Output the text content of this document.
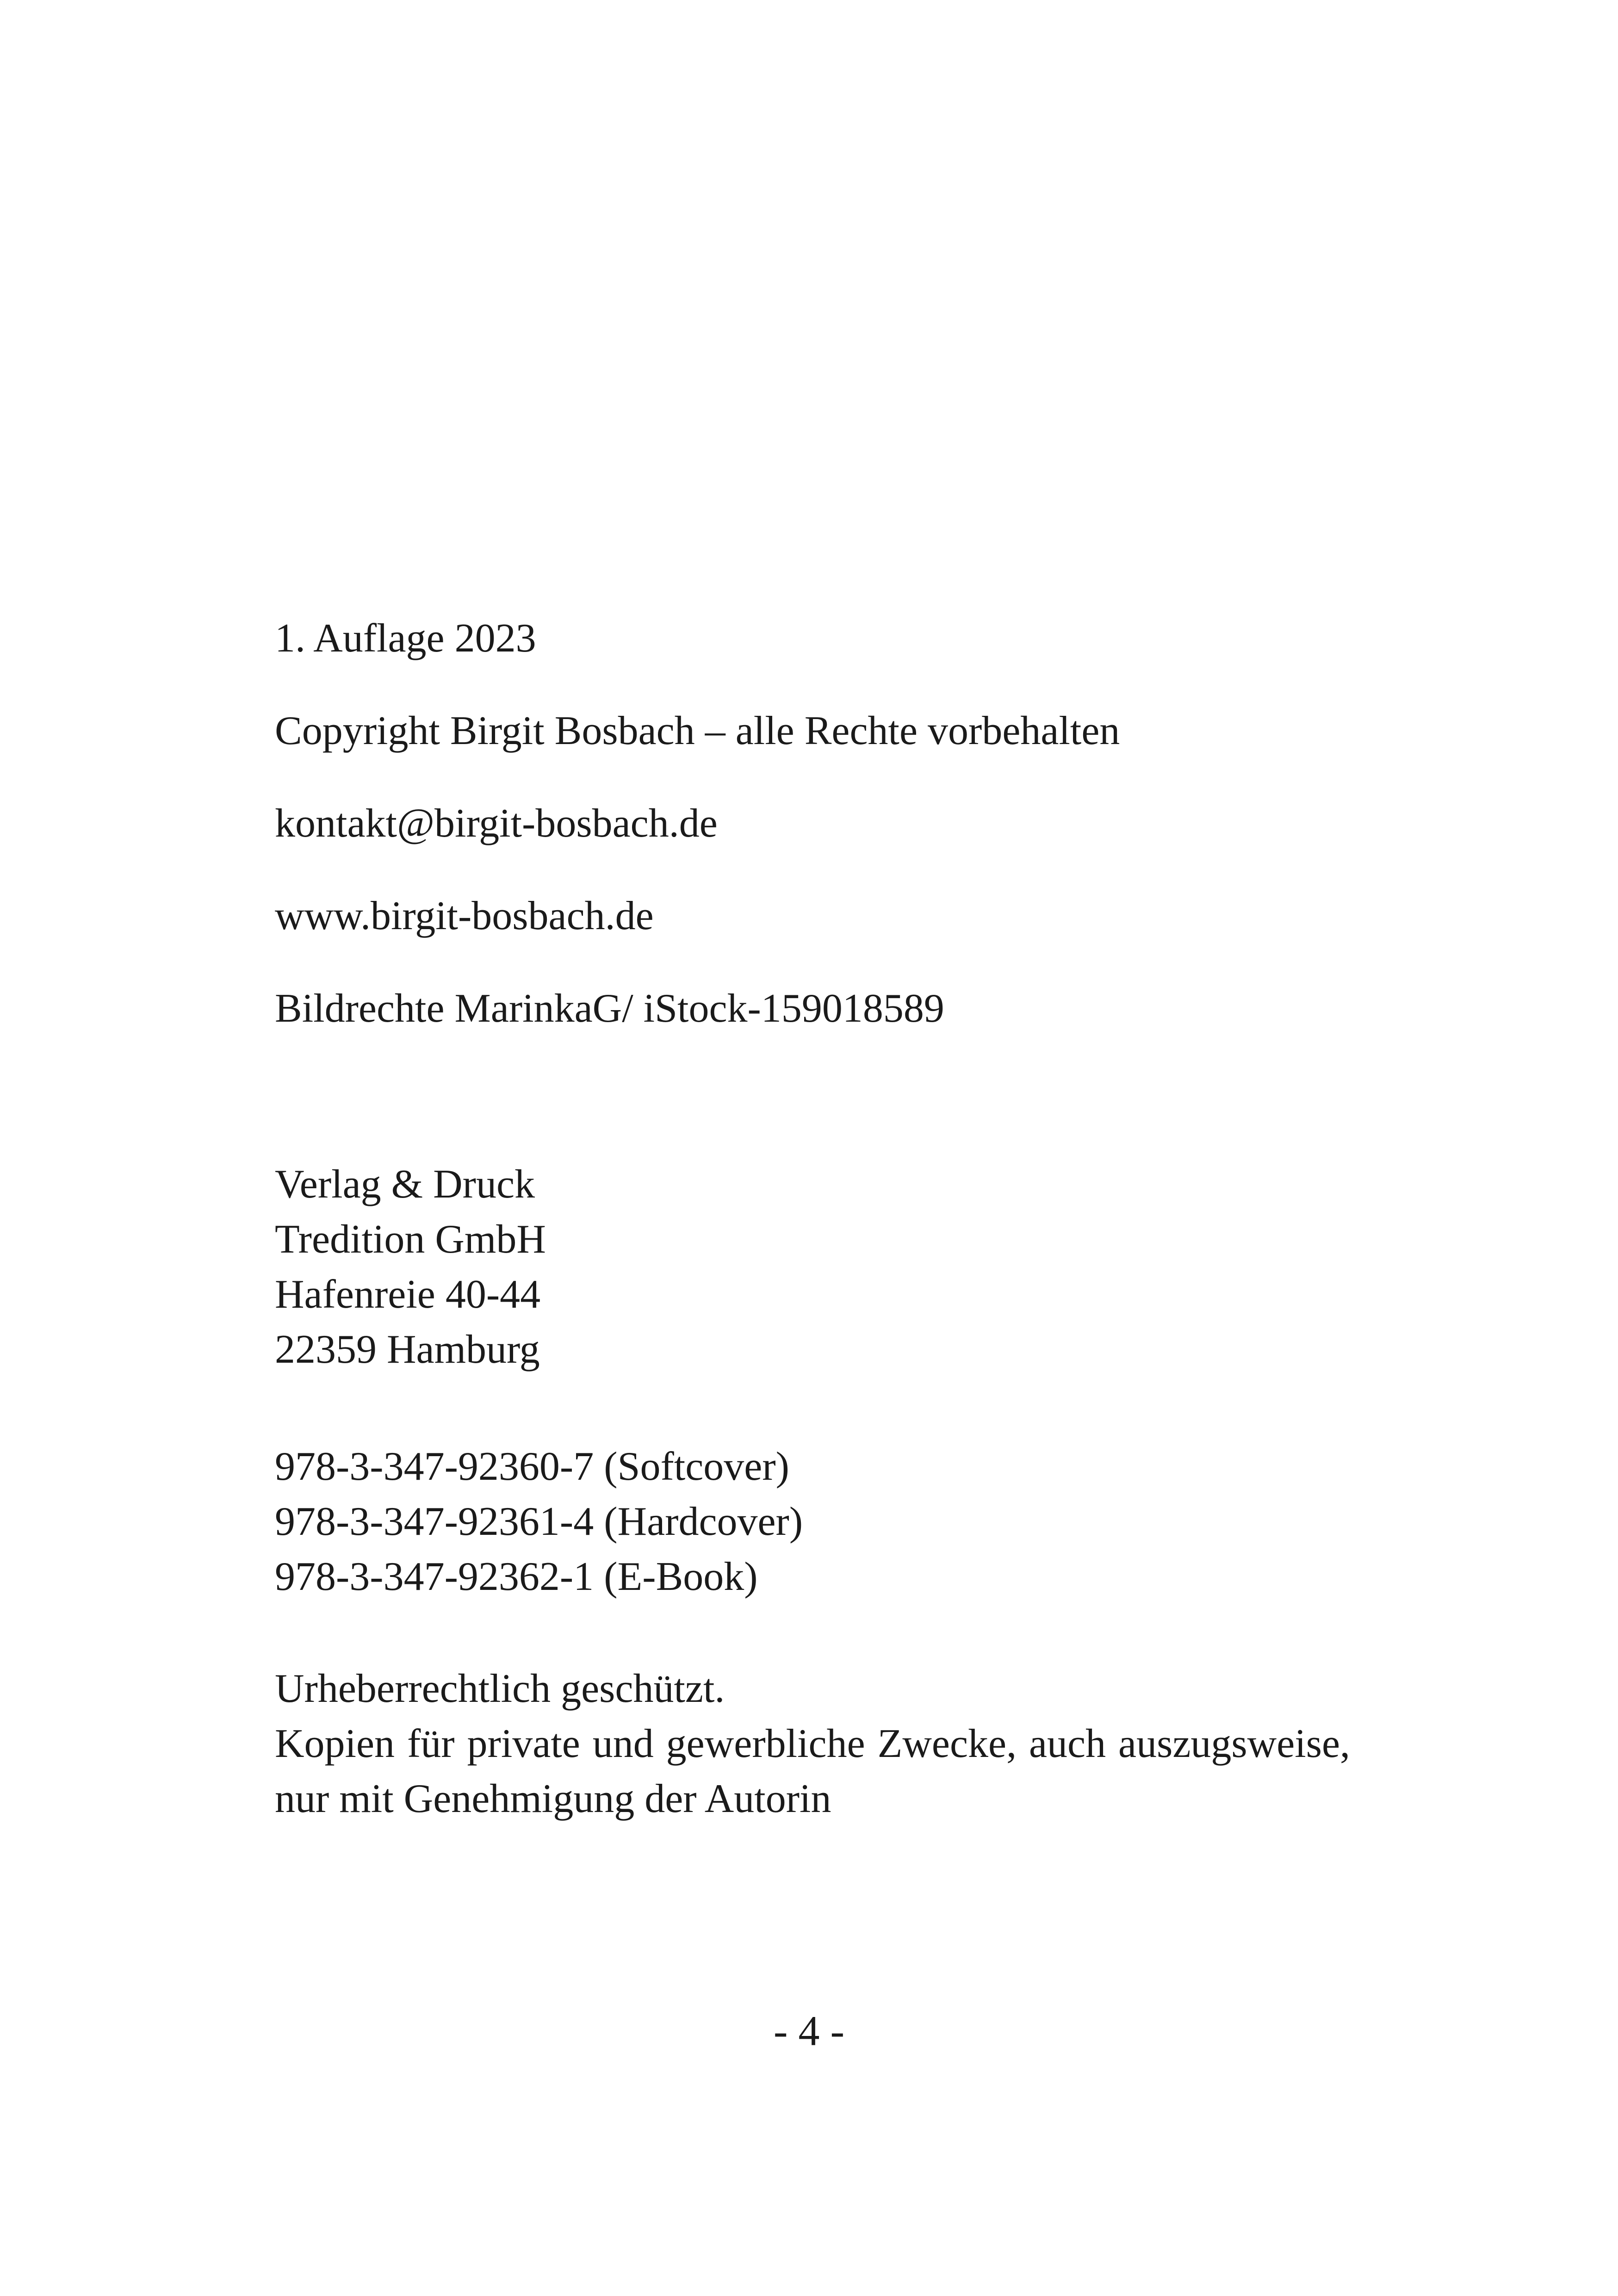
1. Auflage 2023
Copyright Birgit Bosbach – alle Rechte vorbehalten
kontakt@birgit-bosbach.de
www.birgit-bosbach.de
Bildrechte MarinkaG/ iStock-159018589
Verlag & Druck
Tredition GmbH
Hafenreie 40-44
22359 Hamburg
978-3-347-92360-7 (Softcover)
978-3-347-92361-4 (Hardcover)
978-3-347-92362-1 (E-Book)
Urheberrechtlich geschützt.
Kopien für private und gewerbliche Zwecke, auch auszugsweise, nur mit Genehmigung der Autorin
- 4 -
